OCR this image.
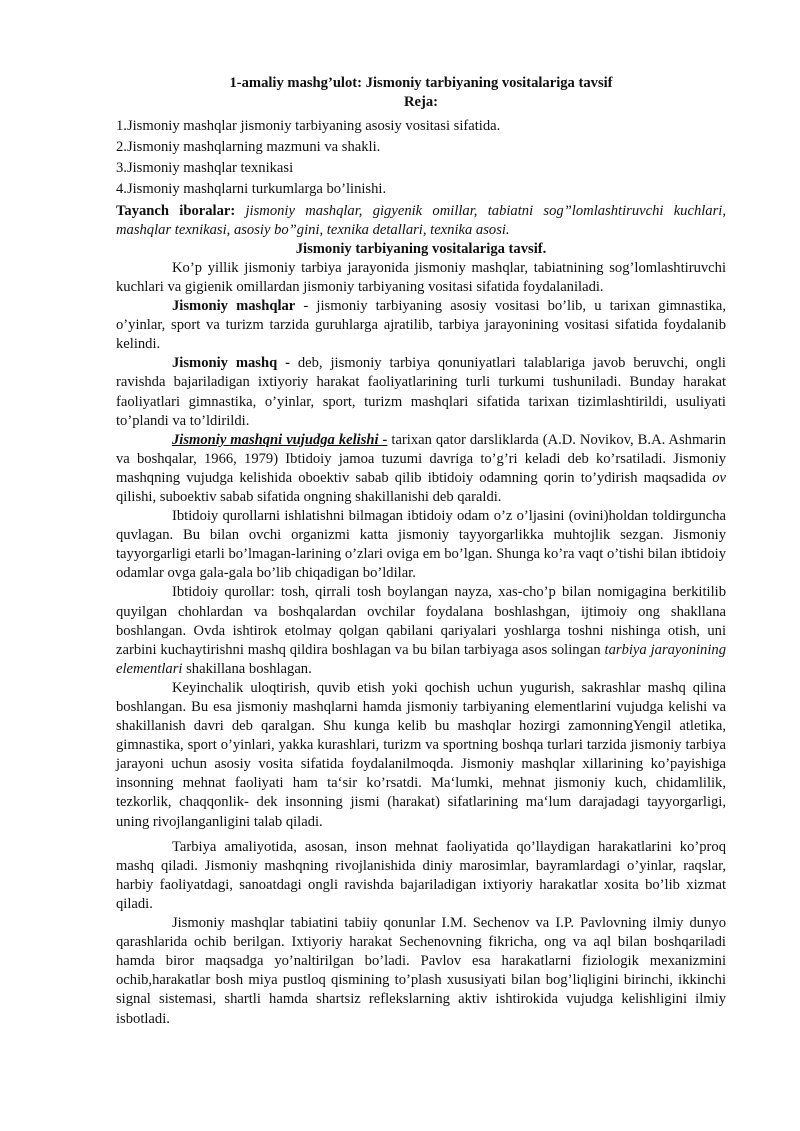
1-amaliy mashg’ulot: Jismoniy tarbiyaning vositalariga tavsif

Reja:

1.Jismoniy mashqlar jismoniy tarbiyaning asosiy vositasi sifatida.

2.Jismoniy mashqlarning mazmuni va shakli.

3.Jismoniy mashqlar texnikasi

4.Jismoniy mashqlarni turkumlarga bo’linishi.

Tayanch iboralar: jismoniy mashqlar, gigyenik omillar, tabiatni sog”lomlashtiruvchi kuchlari, mashqlar texnikasi, asosiy bo”gini, texnika detallari, texnika asosi.

Jismoniy tarbiyaning vositalariga tavsif.

Ko’p yillik jismoniy tarbiya jarayonida jismoniy mashqlar, tabiatnining sog’lomlashtiruvchi kuchlari va gigienik omillardan jismoniy tarbiyaning vositasi sifatida foydalaniladi.

Jismoniy mashqlar - jismoniy tarbiyaning asosiy vositasi bo’lib, u tarixan gimnastika, o’yinlar, sport va turizm tarzida guruhlarga ajratilib, tarbiya jarayonining vositasi sifatida foydalanib kelindi.

Jismoniy mashq - deb, jismoniy tarbiya qonuniyatlari talablariga javob beruvchi, ongli ravishda bajariladigan ixtiyoriy harakat faoliyatlarining turli turkumi tushuniladi. Bunday harakat faoliyatlari gimnastika, o’yinlar, sport, turizm mashqlari sifatida tarixan tizimlashtirildi, usuliyati to’plandi va to’ldirildi.

Jismoniy mashqni vujudga kelishi - tarixan qator darsliklarda (A.D. Novikov, B.A. Ashmarin va boshqalar, 1966, 1979) Ibtidoiy jamoa tuzumi davriga to’g’ri keladi deb ko’rsatiladi. Jismoniy mashqning vujudga kelishida oboektiv sabab qilib ibtidoiy odamning qorin to’ydirish maqsadida ov qilishi, suboektiv sabab sifatida ongning shakillanishi deb qaraldi.

Ibtidoiy qurollarni ishlatishni bilmagan ibtidoiy odam o’z o’ljasini (ovini)holdan toldirguncha quvlagan. Bu bilan ovchi organizmi katta jismoniy tayyorgarlikka muhtojlik sezgan. Jismoniy tayyorgarligi etarli bo’lmagan-larining o’zlari oviga em bo’lgan. Shunga ko’ra vaqt o’tishi bilan ibtidoiy odamlar ovga gala-gala bo’lib chiqadigan bo’ldilar.

Ibtidoiy qurollar: tosh, qirrali tosh boylangan nayza, xas-cho’p bilan nomigagina berkitilib quyilgan chohlardan va boshqalardan ovchilar foydalana boshlashgan, ijtimoiy ong shakllana boshlangan. Ovda ishtirok etolmay qolgan qabilani qariyalari yoshlarga toshni nishinga otish, uni zarbini kuchaytirishni mashq qildira boshlagan va bu bilan tarbiyaga asos solingan tarbiya jarayonining elementlari shakillana boshlagan.

Keyinchalik uloqtirish, quvib etish yoki qochish uchun yugurish, sakrashlar mashq qilina boshlangan. Bu esa jismoniy mashqlarni hamda jismoniy tarbiyaning elementlarini vujudga kelishi va shakillanish davri deb qaralgan. Shu kunga kelib bu mashqlar hozirgi zamonningYengil atletika, gimnastika, sport o’yinlari, yakka kurashlari, turizm va sportning boshqa turlari tarzida jismoniy tarbiya jarayoni uchun asosiy vosita sifatida foydalanilmoqda. Jismoniy mashqlar xillarining ko’payishiga insonning mehnat faoliyati ham ta‘sir ko’rsatdi. Ma‘lumki, mehnat jismoniy kuch, chidamlilik, tezkorlik, chaqqonlik- dek insonning jismi (harakat) sifatlarining ma‘lum darajadagi tayyorgarligi, uning rivojlanganligini talab qiladi.

Tarbiya amaliyotida, asosan, inson mehnat faoliyatida qo’llaydigan harakatlarini ko’proq mashq qiladi. Jismoniy mashqning rivojlanishida diniy marosimlar, bayramlardagi o’yinlar, raqslar, harbiy faoliyatdagi, sanoatdagi ongli ravishda bajariladigan ixtiyoriy harakatlar xosita bo’lib xizmat qiladi.

Jismoniy mashqlar tabiatini tabiiy qonunlar I.M. Sechenov va I.P. Pavlovning ilmiy dunyo qarashlarida ochib berilgan. Ixtiyoriy harakat Sechenovning fikricha, ong va aql bilan boshqariladi hamda biror maqsadga yo’naltirilgan bo’ladi. Pavlov esa harakatlarni fiziologik mexanizmini ochib,harakatlar bosh miya pustloq qismining to’plash xususiyati bilan bog’liqligini birinchi, ikkinchi signal sistemasi, shartli hamda shartsiz reflekslarning aktiv ishtirokida vujudga kelishligini ilmiy isbotladi.
